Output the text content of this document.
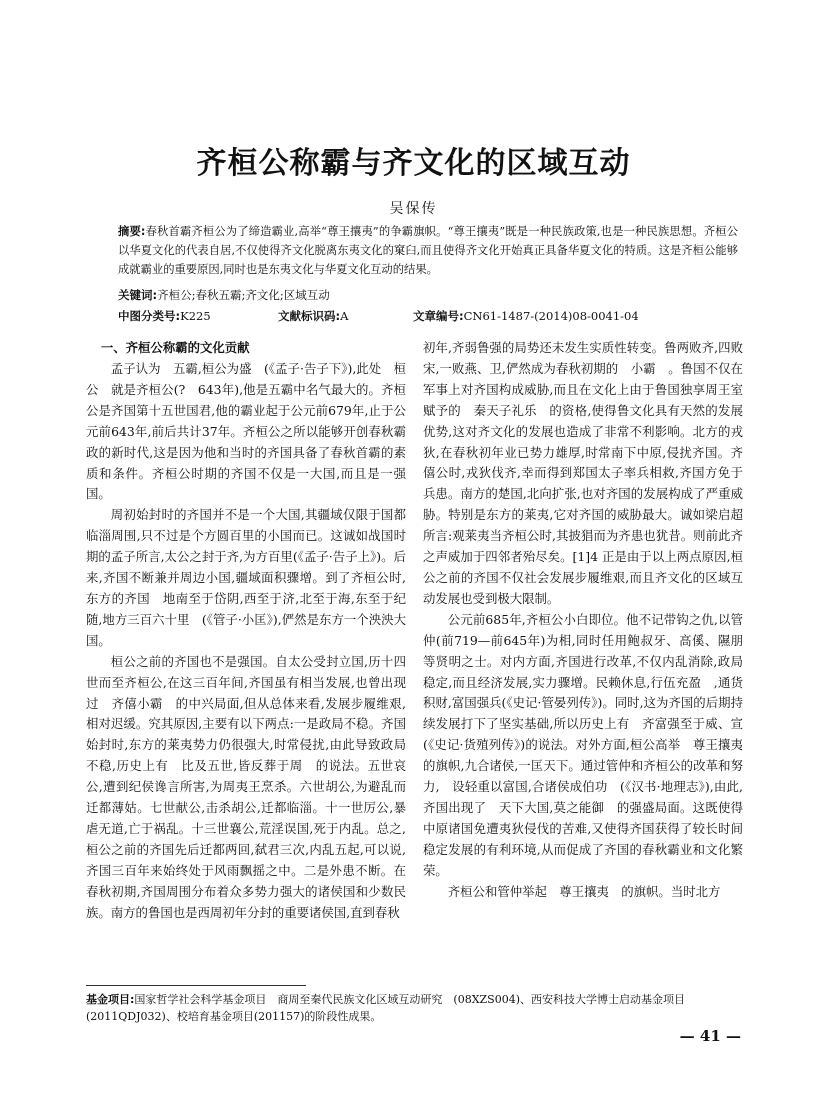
齐桓公称霸与齐文化的区域互动
吴保传

摘要:春秋首霸齐桓公为了缔造霸业,高举“尊王攘夷”的争霸旗帜。“尊王攘夷”既是一种民族政策,也是一种民族思想。齐桓公以华夏文化的代表自居,不仅使得齐文化脱离东夷文化的窠臼,而且使得齐文化开始真正具备华夏文化的特质。这是齐桓公能够成就霸业的重要原因,同时也是东夷文化与华夏文化互动的结果。

关键词:齐桓公;春秋五霸;齐文化;区域互动

中图分类号:K225	文献标识码:A	文章编号:CN61-1487-(2014)08-0041-04
一、齐桓公称霸的文化贡献

孟子认为　五霸,桓公为盛　(《孟子·告子下》),此处　桓公　就是齐桓公(?　643年),他是五霸中名气最大的。齐桓公是齐国第十五世国君,他的霸业起于公元前679年,止于公元前643年,前后共计37年。齐桓公之所以能够开创春秋霸政的新时代,这是因为他和当时的齐国具备了春秋首霸的素质和条件。齐桓公时期的齐国不仅是一大国,而且是一强国。

周初始封时的齐国并不是一个大国,其疆域仅限于国都临淄周围,只不过是个方圆百里的小国而已。这诚如战国时期的孟子所言,太公之封于齐,为方百里(《孟子·告子上》)。后来,齐国不断兼并周边小国,疆域面积骤增。到了齐桓公时,东方的齐国　地南至于岱阴,西至于济,北至于海,东至于纪随,地方三百六十里　(《管子·小匡》),俨然是东方一个泱泱大国。

桓公之前的齐国也不是强国。自太公受封立国,历十四世而至齐桓公,在这三百年间,齐国虽有相当发展,也曾出现过　齐僖小霸　的中兴局面,但从总体来看,发展步履维艰,相对迟缓。究其原因,主要有以下两点:一是政局不稳。齐国始封时,东方的莱夷势力仍很强大,时常侵扰,由此导致政局不稳,历史上有　比及五世,皆反葬于周　的说法。五世哀公,遭到纪侯谗言所害,为周夷王烹杀。六世胡公,为避乱而迁都薄姑。七世献公,击杀胡公,迁都临淄。十一世厉公,暴虐无道,亡于祸乱。十三世襄公,荒淫误国,死于内乱。总之,桓公之前的齐国先后迁都两回,弑君三次,内乱五起,可以说,齐国三百年来始终处于风雨飘摇之中。二是外患不断。在春秋初期,齐国周围分布着众多势力强大的诸侯国和少数民族。南方的鲁国也是西周初年分封的重要诸侯国,直到春秋

初年,齐弱鲁强的局势还未发生实质性转变。鲁两败齐,四败宋,一败燕、卫,俨然成为春秋初期的　小霸　。鲁国不仅在军事上对齐国构成威胁,而且在文化上由于鲁国独享周王室赋予的　秦天子礼乐　的资格,使得鲁文化具有天然的发展优势,这对齐文化的发展也造成了非常不利影响。北方的戎狄,在春秋初年业已势力雄厚,时常南下中原,侵扰齐国。齐僖公时,戎狄伐齐,幸而得到郑国太子率兵相救,齐国方免于兵患。南方的楚国,北向扩张,也对齐国的发展构成了严重威胁。特别是东方的莱夷,它对齐国的威胁最大。诚如梁启超所言:观莱夷当齐桓公时,其披猖而为齐患也犹昔。则前此齐之声威加于四邻者殆尽矣。[1]4 正是由于以上两点原因,桓公之前的齐国不仅社会发展步履维艰,而且齐文化的区域互动发展也受到极大限制。

公元前685年,齐桓公小白即位。他不记带钩之仇,以管仲(前719—前645年)为相,同时任用鲍叔牙、高傒、隰朋等贤明之士。对内方面,齐国进行改革,不仅内乱消除,政局稳定,而且经济发展,实力骤增。民赖休息,行伍充盈　,通货积财,富国强兵(《史记·管晏列传》)。同时,这为齐国的后期持续发展打下了坚实基础,所以历史上有　齐富强至于威、宣　(《史记·货殖列传》)的说法。对外方面,桓公高举　尊王攘夷　的旗帜,九合诸侯,一匡天下。通过管仲和齐桓公的改革和努力,　设轻重以富国,合诸侯成伯功　(《汉书·地理志》),由此,齐国出现了　天下大国,莫之能御　的强盛局面。这既使得中原诸国免遭夷狄侵伐的苦难,又使得齐国获得了较长时间稳定发展的有利环境,从而促成了齐国的春秋霸业和文化繁荣。

齐桓公和管仲举起　尊王攘夷　的旗帜。当时北方

基金项目:国家哲学社会科学基金项目　商周至秦代民族文化区域互动研究　(08XZS004)、西安科技大学博士启动基金项目(2011QDJ032)、校培育基金项目(201157)的阶段性成果。

— 41 —
